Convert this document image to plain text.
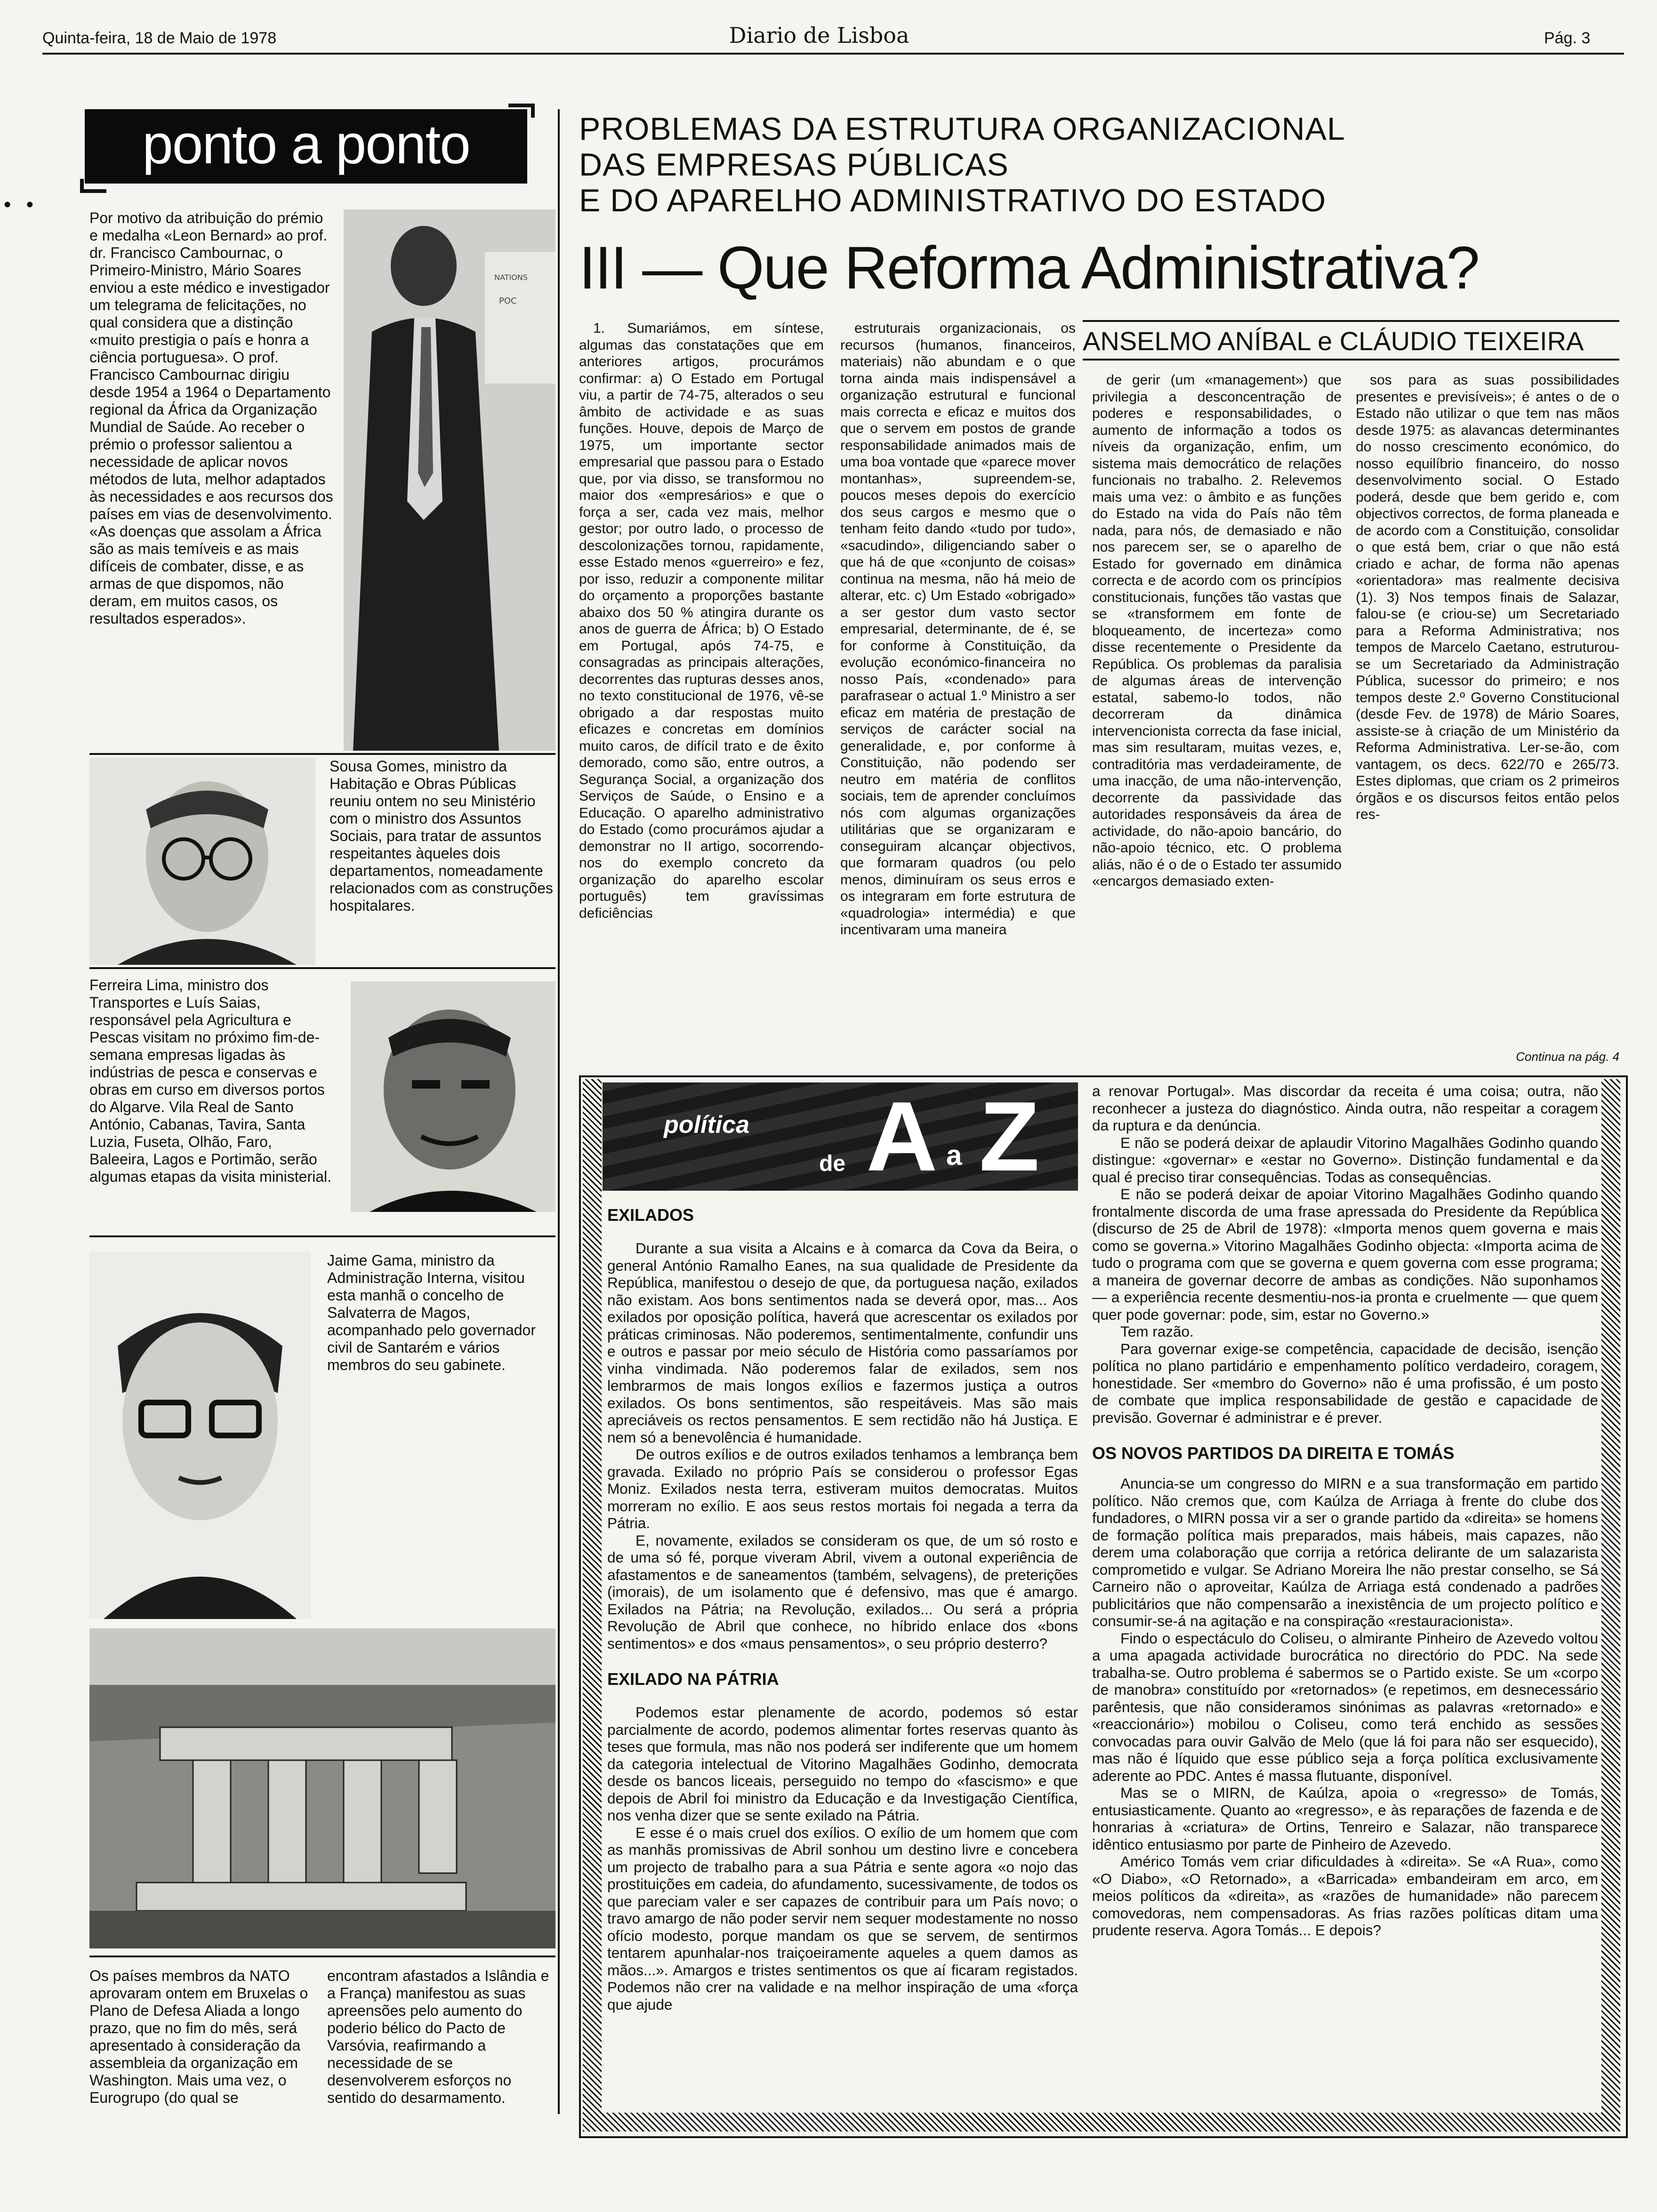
Quinta-feira, 18 de Maio de 1978	Diario de Lisboa	Pág. 3
• •
ponto a ponto

Por motivo da atribuição do prémio e medalha «Leon Bernard» ao prof. dr. Francisco Cambournac, o Primeiro-Ministro, Mário Soares enviou a este médico e investigador um telegrama de felicitações, no qual considera que a distinção «muito prestigia o país e honra a ciência portuguesa». O prof. Francisco Cambournac dirigiu desde 1954 a 1964 o Departamento regional da África da Organização Mundial de Saúde. Ao receber o prémio o professor salientou a necessidade de aplicar novos métodos de luta, melhor adaptados às necessidades e aos recursos dos países em vias de desenvolvimento. «As doenças que assolam a África são as mais temíveis e as mais difíceis de combater, disse, e as armas de que dispomos, não deram, em muitos casos, os resultados esperados».

NATIONS
POC

Sousa Gomes, ministro da Habitação e Obras Públicas reuniu ontem no seu Ministério com o ministro dos Assuntos Sociais, para tratar de assuntos respeitantes àqueles dois departamentos, nomeadamente relacionados com as construções hospitalares.

Ferreira Lima, ministro dos Transportes e Luís Saias, responsável pela Agricultura e Pescas visitam no próximo fim-de-semana empresas ligadas às indústrias de pesca e conservas e obras em curso em diversos portos do Algarve. Vila Real de Santo António, Cabanas, Tavira, Santa Luzia, Fuseta, Olhão, Faro, Baleeira, Lagos e Portimão, serão algumas etapas da visita ministerial.

Jaime Gama, ministro da Administração Interna, visitou esta manhã o concelho de Salvaterra de Magos, acompanhado pelo governador civil de Santarém e vários membros do seu gabinete.

Os países membros da NATO aprovaram ontem em Bruxelas o Plano de Defesa Aliada a longo prazo, que no fim do mês, será apresentado à consideração da assembleia da organização em Washington. Mais uma vez, o Eurogrupo (do qual se

encontram afastados a Islândia e a França) manifestou as suas apreensões pelo aumento do poderio bélico do Pacto de Varsóvia, reafirmando a necessidade de se desenvolverem esforços no sentido do desarmamento.

PROBLEMAS DA ESTRUTURA ORGANIZACIONAL
DAS EMPRESAS PÚBLICAS
E DO APARELHO ADMINISTRATIVO DO ESTADO
III — Que Reforma Administrativa?
ANSELMO ANÍBAL e CLÁUDIO TEIXEIRA

1. Sumariámos, em síntese, algumas das constatações que em anteriores artigos, procurámos confirmar: a) O Estado em Portugal viu, a partir de 74-75, alterados o seu âmbito de actividade e as suas funções. Houve, depois de Março de 1975, um importante sector empresarial que passou para o Estado que, por via disso, se transformou no maior dos «empresários» e que o força a ser, cada vez mais, melhor gestor; por outro lado, o processo de descolonizações tornou, rapidamente, esse Estado menos «guerreiro» e fez, por isso, reduzir a componente militar do orçamento a proporções bastante abaixo dos 50 % atingira durante os anos de guerra de África; b) O Estado em Portugal, após 74-75, e consagradas as principais alterações, decorrentes das rupturas desses anos, no texto constitucional de 1976, vê-se obrigado a dar respostas muito eficazes e concretas em domínios muito caros, de difícil trato e de êxito demorado, como são, entre outros, a Segurança Social, a organização dos Serviços de Saúde, o Ensino e a Educação. O aparelho administrativo do Estado (como procurámos ajudar a demonstrar no II artigo, socorrendo-nos do exemplo concreto da organização do aparelho escolar português) tem gravíssimas deficiências

estruturais organizacionais, os recursos (humanos, financeiros, materiais) não abundam e o que torna ainda mais indispensável a organização estrutural e funcional mais correcta e eficaz e muitos dos que o servem em postos de grande responsabilidade animados mais de uma boa vontade que «parece mover montanhas», supreendem-se, poucos meses depois do exercício dos seus cargos e mesmo que o tenham feito dando «tudo por tudo», «sacudindo», diligenciando saber o que há de que «conjunto de coisas» continua na mesma, não há meio de alterar, etc. c) Um Estado «obrigado» a ser gestor dum vasto sector empresarial, determinante, de é, se for conforme à Constituição, da evolução económico-financeira no nosso País, «condenado» para parafrasear o actual 1.º Ministro a ser eficaz em matéria de prestação de serviços de carácter social na generalidade, e, por conforme à Constituição, não podendo ser neutro em matéria de conflitos sociais, tem de aprender concluímos nós com algumas organizações utilitárias que se organizaram e conseguiram alcançar objectivos, que formaram quadros (ou pelo menos, diminuíram os seus erros e os integraram em forte estrutura de «quadrologia» intermédia) e que incentivaram uma maneira

de gerir (um «management») que privilegia a desconcentração de poderes e responsabilidades, o aumento de informação a todos os níveis da organização, enfim, um sistema mais democrático de relações funcionais no trabalho. 2. Relevemos mais uma vez: o âmbito e as funções do Estado na vida do País não têm nada, para nós, de demasiado e não nos parecem ser, se o aparelho de Estado for governado em dinâmica correcta e de acordo com os princípios constitucionais, funções tão vastas que se «transformem em fonte de bloqueamento, de incerteza» como disse recentemente o Presidente da República. Os problemas da paralisia de algumas áreas de intervenção estatal, sabemo-lo todos, não decorreram da dinâmica intervencionista correcta da fase inicial, mas sim resultaram, muitas vezes, e, contraditória mas verdadeiramente, de uma inacção, de uma não-intervenção, decorrente da passividade das autoridades responsáveis da área de actividade, do não-apoio bancário, do não-apoio técnico, etc. O problema aliás, não é o de o Estado ter assumido «encargos demasiado exten-

sos para as suas possibilidades presentes e previsíveis»; é antes o de o Estado não utilizar o que tem nas mãos desde 1975: as alavancas determinantes do nosso crescimento económico, do nosso equilíbrio financeiro, do nosso desenvolvimento social. O Estado poderá, desde que bem gerido e, com objectivos correctos, de forma planeada e de acordo com a Constituição, consolidar o que está bem, criar o que não está criado e achar, de forma não apenas «orientadora» mas realmente decisiva (1). 3) Nos tempos finais de Salazar, falou-se (e criou-se) um Secretariado para a Reforma Administrativa; nos tempos de Marcelo Caetano, estruturou-se um Secretariado da Administração Pública, sucessor do primeiro; e nos tempos deste 2.º Governo Constitucional (desde Fev. de 1978) de Mário Soares, assiste-se à criação de um Ministério da Reforma Administrativa. Ler-se-ão, com vantagem, os decs. 622/70 e 265/73. Estes diplomas, que criam os 2 primeiros órgãos e os discursos feitos então pelos res-

Continua na pág. 4
política
de A a Z
EXILADOS

Durante a sua visita a Alcains e à comarca da Cova da Beira, o general António Ramalho Eanes, na sua qualidade de Presidente da República, manifestou o desejo de que, da portuguesa nação, exilados não existam. Aos bons sentimentos nada se deverá opor, mas... Aos exilados por oposição política, haverá que acrescentar os exilados por práticas criminosas. Não poderemos, sentimentalmente, confundir uns e outros e passar por meio século de História como passaríamos por vinha vindimada. Não poderemos falar de exilados, sem nos lembrarmos de mais longos exílios e fazermos justiça a outros exilados. Os bons sentimentos, são respeitáveis. Mas são mais apreciáveis os rectos pensamentos. E sem rectidão não há Justiça. E nem só a benevolência é humanidade.

De outros exílios e de outros exilados tenhamos a lembrança bem gravada. Exilado no próprio País se considerou o professor Egas Moniz. Exilados nesta terra, estiveram muitos democratas. Muitos morreram no exílio. E aos seus restos mortais foi negada a terra da Pátria.

E, novamente, exilados se consideram os que, de um só rosto e de uma só fé, porque viveram Abril, vivem a outonal experiência de afastamentos e de saneamentos (também, selvagens), de preterições (imorais), de um isolamento que é defensivo, mas que é amargo. Exilados na Pátria; na Revolução, exilados... Ou será a própria Revolução de Abril que conhece, no híbrido enlace dos «bons sentimentos» e dos «maus pensamentos», o seu próprio desterro?

EXILADO NA PÁTRIA

Podemos estar plenamente de acordo, podemos só estar parcialmente de acordo, podemos alimentar fortes reservas quanto às teses que formula, mas não nos poderá ser indiferente que um homem da categoria intelectual de Vitorino Magalhães Godinho, democrata desde os bancos liceais, perseguido no tempo do «fascismo» e que depois de Abril foi ministro da Educação e da Investigação Científica, nos venha dizer que se sente exilado na Pátria.

E esse é o mais cruel dos exílios. O exílio de um homem que com as manhãs promissivas de Abril sonhou um destino livre e concebera um projecto de trabalho para a sua Pátria e sente agora «o nojo das prostituições em cadeia, do afundamento, sucessivamente, de todos os que pareciam valer e ser capazes de contribuir para um País novo; o travo amargo de não poder servir nem sequer modestamente no nosso ofício modesto, porque mandam os que se servem, de sentirmos tentarem apunhalar-nos traiçoeiramente aqueles a quem damos as mãos...». Amargos e tristes sentimentos os que aí ficaram registados. Podemos não crer na validade e na melhor inspiração de uma «força que ajude

a renovar Portugal». Mas discordar da receita é uma coisa; outra, não reconhecer a justeza do diagnóstico. Ainda outra, não respeitar a coragem da ruptura e da denúncia.

E não se poderá deixar de aplaudir Vitorino Magalhães Godinho quando distingue: «governar» e «estar no Governo». Distinção fundamental e da qual é preciso tirar consequências. Todas as consequências.

E não se poderá deixar de apoiar Vitorino Magalhães Godinho quando frontalmente discorda de uma frase apressada do Presidente da República (discurso de 25 de Abril de 1978): «Importa menos quem governa e mais como se governa.» Vitorino Magalhães Godinho objecta: «Importa acima de tudo o programa com que se governa e quem governa com esse programa; a maneira de governar decorre de ambas as condições. Não suponhamos — a experiência recente desmentiu-nos-ia pronta e cruelmente — que quem quer pode governar: pode, sim, estar no Governo.»

Tem razão.

Para governar exige-se competência, capacidade de decisão, isenção política no plano partidário e empenhamento político verdadeiro, coragem, honestidade. Ser «membro do Governo» não é uma profissão, é um posto de combate que implica responsabilidade de gestão e capacidade de previsão. Governar é administrar e é prever.

OS NOVOS PARTIDOS DA DIREITA E TOMÁS

Anuncia-se um congresso do MIRN e a sua transformação em partido político. Não cremos que, com Kaúlza de Arriaga à frente do clube dos fundadores, o MIRN possa vir a ser o grande partido da «direita» se homens de formação política mais preparados, mais hábeis, mais capazes, não derem uma colaboração que corrija a retórica delirante de um salazarista comprometido e vulgar. Se Adriano Moreira lhe não prestar conselho, se Sá Carneiro não o aproveitar, Kaúlza de Arriaga está condenado a padrões publicitários que não compensarão a inexistência de um projecto político e consumir-se-á na agitação e na conspiração «restauracionista».

Findo o espectáculo do Coliseu, o almirante Pinheiro de Azevedo voltou a uma apagada actividade burocrática no directório do PDC. Na sede trabalha-se. Outro problema é sabermos se o Partido existe. Se um «corpo de manobra» constituído por «retornados» (e repetimos, em desnecessário parêntesis, que não consideramos sinónimas as palavras «retornado» e «reaccionário») mobilou o Coliseu, como terá enchido as sessões convocadas para ouvir Galvão de Melo (que lá foi para não ser esquecido), mas não é líquido que esse público seja a força política exclusivamente aderente ao PDC. Antes é massa flutuante, disponível.

Mas se o MIRN, de Kaúlza, apoia o «regresso» de Tomás, entusiasticamente. Quanto ao «regresso», e às reparações de fazenda e de honrarias à «criatura» de Ortins, Tenreiro e Salazar, não transparece idêntico entusiasmo por parte de Pinheiro de Azevedo.

Américo Tomás vem criar dificuldades à «direita». Se «A Rua», como «O Diabo», «O Retornado», a «Barricada» embandeiram em arco, em meios políticos da «direita», as «razões de humanidade» não parecem comovedoras, nem compensadoras. As frias razões políticas ditam uma prudente reserva. Agora Tomás... E depois?
